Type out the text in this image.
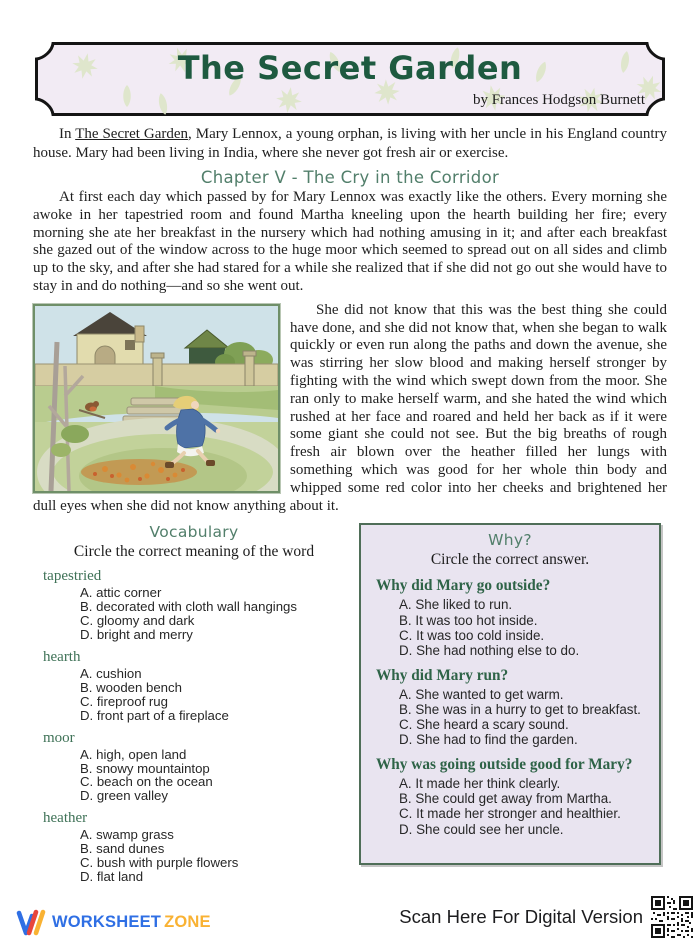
The Secret Garden
by Frances Hodgson Burnett

In The Secret Garden, Mary Lennox, a young orphan, is living with her uncle in his England country house. Mary had been living in India, where she never got fresh air or exercise.

Chapter V - The Cry in the Corridor

At first each day which passed by for Mary Lennox was exactly like the others. Every morning she awoke in her tapestried room and found Martha kneeling upon the hearth building her fire; every morning she ate her breakfast in the nursery which had nothing amusing in it; and after each breakfast she gazed out of the window across to the huge moor which seemed to spread out on all sides and climb up to the sky, and after she had stared for a while she realized that if she did not go out she would have to stay in and do nothing—and so she went out.

She did not know that this was the best thing she could have done, and she did not know that, when she began to walk quickly or even run along the paths and down the avenue, she was stirring her slow blood and making herself stronger by fighting with the wind which swept down from the moor. She ran only to make herself warm, and she hated the wind which rushed at her face and roared and held her back as if it were some giant she could not see. But the big breaths of rough fresh air blown over the heather filled her lungs with something which was good for her whole thin body and whipped some red color into her cheeks and brightened her dull eyes when she did not know anything about it.

Vocabulary
Circle the correct meaning of the word
tapestried
A. attic corner
B. decorated with cloth wall hangings
C. gloomy and dark
D. bright and merry
hearth
A. cushion
B. wooden bench
C. fireproof rug
D. front part of a fireplace
moor
A. high, open land
B. snowy mountaintop
C. beach on the ocean
D. green valley
heather
A. swamp grass
B. sand dunes
C. bush with purple flowers
D. flat land
Why?
Circle the correct answer.
Why did Mary go outside?
A. She liked to run.
B. It was too hot inside.
C. It was too cold inside.
D. She had nothing else to do.
Why did Mary run?
A. She wanted to get warm.
B. She was in a hurry to get to breakfast.
C. She heard a scary sound.
D. She had to find the garden.
Why was going outside good for Mary?
A. It made her think clearly.
B. She could get away from Martha.
C. It made her stronger and healthier.
D. She could see her uncle.
WORKSHEET ZONE	Scan Here For Digital Version
